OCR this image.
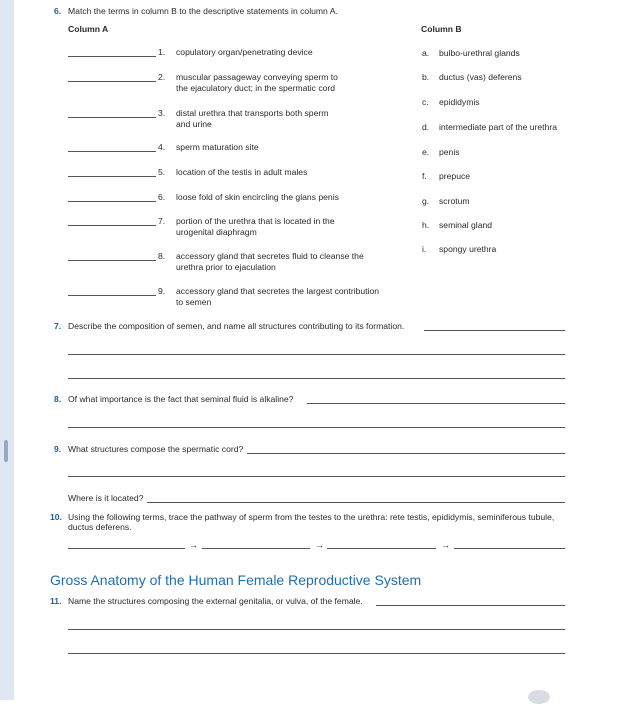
6. Match the terms in column B to the descriptive statements in column A.
Column A	Column B
1. copulatory organ/penetrating device
2. muscular passageway conveying sperm to
the ejaculatory duct; in the spermatic cord
3. distal urethra that transports both sperm
and urine
4. sperm maturation site
5. location of the testis in adult males
6. loose fold of skin encircling the glans penis
7. portion of the urethra that is located in the
urogenital diaphragm
8. accessory gland that secretes fluid to cleanse the
urethra prior to ejaculation
9. accessory gland that secretes the largest contribution
to semen
a. bulbo-urethral glands
b. ductus (vas) deferens
c. epididymis
d. intermediate part of the urethra
e. penis
f. prepuce
g. scrotum
h. seminal gland
i. spongy urethra
7. Describe the composition of semen, and name all structures contributing to its formation.
8. Of what importance is the fact that seminal fluid is alkaline?
9. What structures compose the spermatic cord?
Where is it located?
10. Using the following terms, trace the pathway of sperm from the testes to the urethra: rete testis, epididymis, seminiferous tubule,
ductus deferens.
→	→	→
Gross Anatomy of the Human Female Reproductive System
11. Name the structures composing the external genitalia, or vulva, of the female.
